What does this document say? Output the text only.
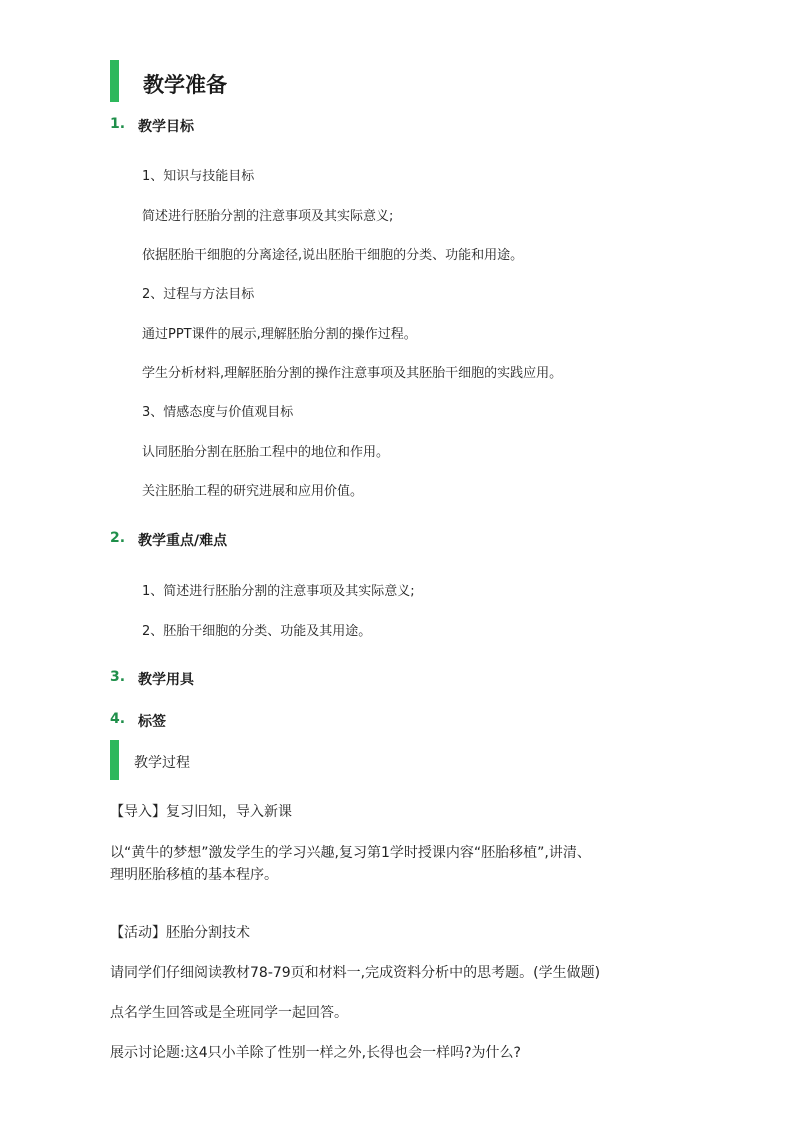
教学准备
1. 教学目标
1、知识与技能目标
简述进行胚胎分割的注意事项及其实际意义;
依据胚胎干细胞的分离途径,说出胚胎干细胞的分类、功能和用途。
2、过程与方法目标
通过PPT课件的展示,理解胚胎分割的操作过程。
学生分析材料,理解胚胎分割的操作注意事项及其胚胎干细胞的实践应用。
3、情感态度与价值观目标
认同胚胎分割在胚胎工程中的地位和作用。
关注胚胎工程的研究进展和应用价值。
2. 教学重点/难点
1、简述进行胚胎分割的注意事项及其实际意义;
2、胚胎干细胞的分类、功能及其用途。
3. 教学用具
4. 标签
教学过程
【导入】复习旧知，导入新课
以“黄牛的梦想”激发学生的学习兴趣,复习第1学时授课内容“胚胎移植”,讲清、
理明胚胎移植的基本程序。
【活动】胚胎分割技术
请同学们仔细阅读教材78-79页和材料一,完成资料分析中的思考题。(学生做题)
点名学生回答或是全班同学一起回答。
展示讨论题:这4只小羊除了性别一样之外,长得也会一样吗?为什么?
